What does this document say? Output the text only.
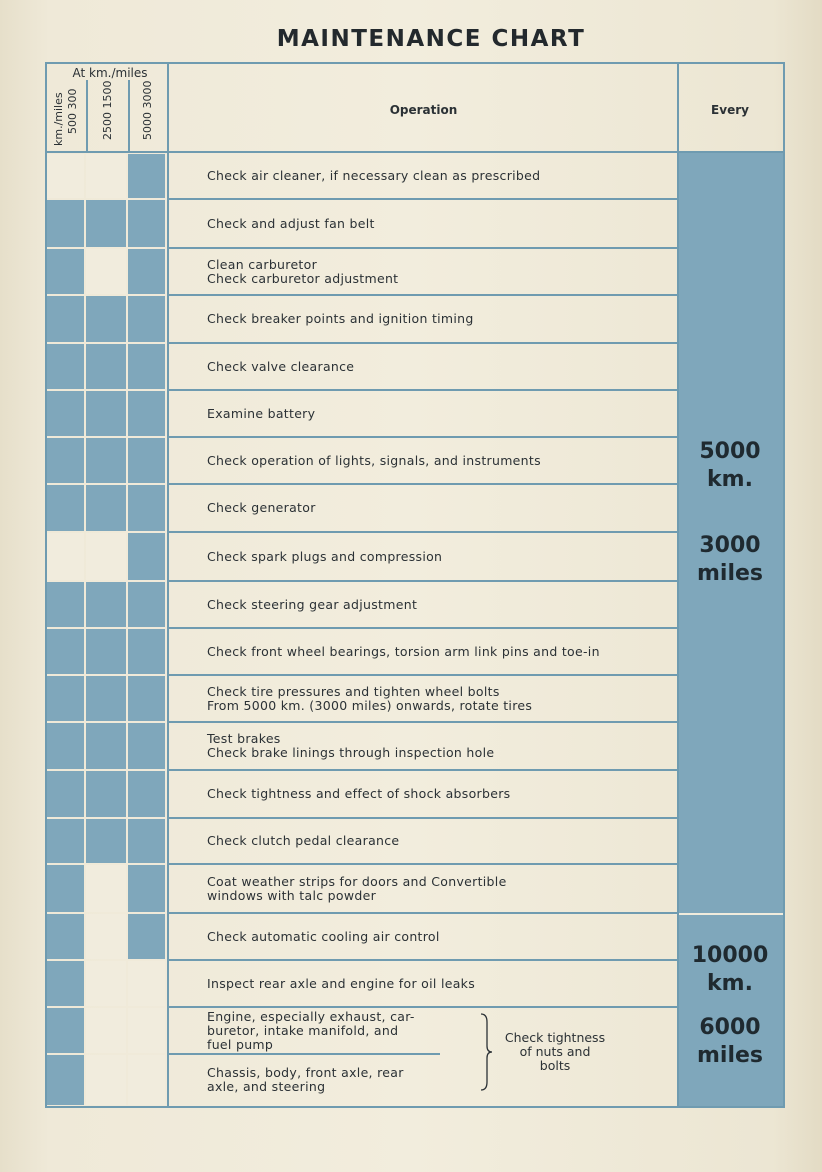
MAINTENANCE CHART
At km./miles
km./miles 500 300 2500 1500 5000 3000	Operation	Every
Check tightness
of nuts and
bolts
Check air cleaner, if necessary clean as prescribed
Check and adjust fan belt
Clean carburetor
Check carburetor adjustment
Check breaker points and ignition timing
Check valve clearance
Examine battery
Check operation of lights, signals, and instruments
Check generator
Check spark plugs and compression
Check steering gear adjustment
Check front wheel bearings, torsion arm link pins and toe-in
Check tire pressures and tighten wheel bolts
From 5000 km. (3000 miles) onwards, rotate tires
Test brakes
Check brake linings through inspection hole
Check tightness and effect of shock absorbers
Check clutch pedal clearance
Coat weather strips for doors and Convertible
windows with talc powder
Check automatic cooling air control
Inspect rear axle and engine for oil leaks
Engine, especially exhaust, car-
buretor, intake manifold, and
fuel pump
Chassis, body, front axle, rear
axle, and steering
5000
km.
3000
miles
10000
km.
6000
miles
